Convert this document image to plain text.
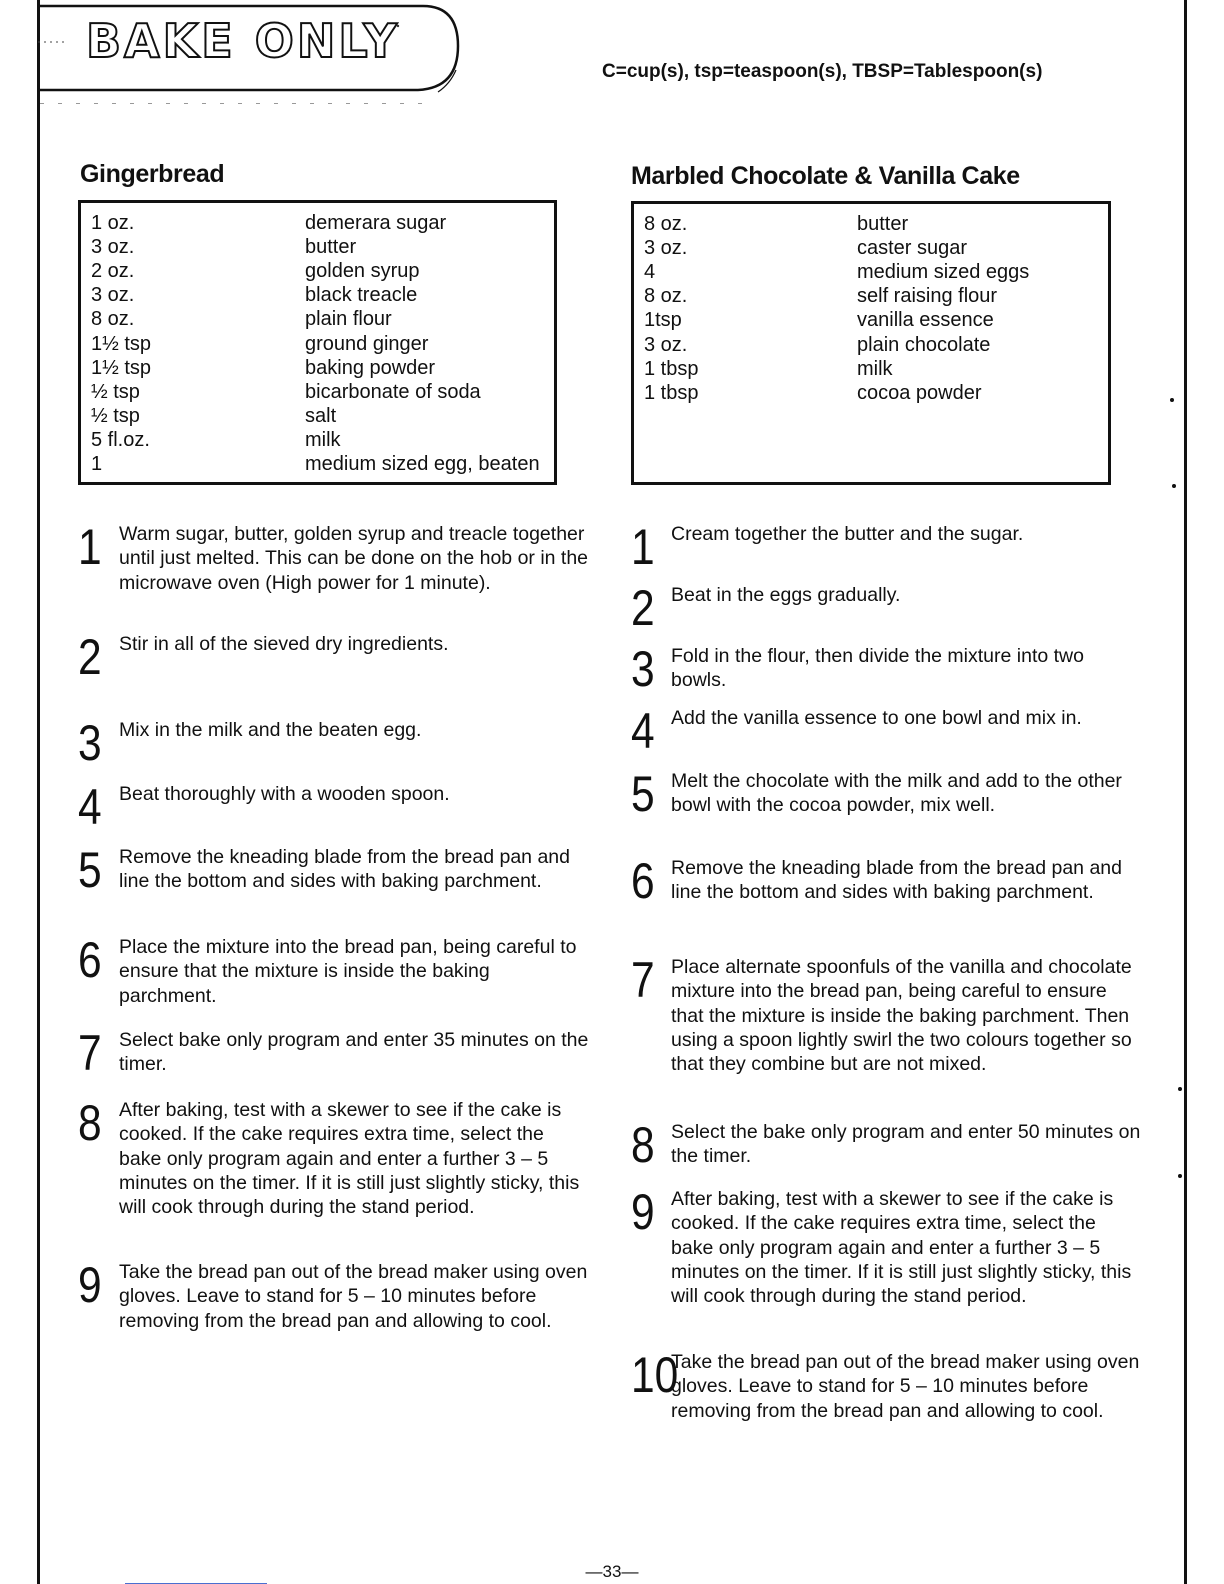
BAKE ONLY
C=cup(s), tsp=teaspoon(s), TBSP=Tablespoon(s)
Gingerbread
1 oz.	demerara sugar
3 oz.	butter
2 oz.	golden syrup
3 oz.	black treacle
8 oz.	plain flour
1½ tsp	ground ginger
1½ tsp	baking powder
½ tsp	bicarbonate of soda
½ tsp	salt
5 fl.oz.	milk
1	medium sized egg, beaten
1 Warm sugar, butter, golden syrup and treacle together until just melted. This can be done on the hob or in the microwave oven (High power for 1 minute).
2 Stir in all of the sieved dry ingredients.
3 Mix in the milk and the beaten egg.
4 Beat thoroughly with a wooden spoon.
5 Remove the kneading blade from the bread pan and line the bottom and sides with baking parchment.
6 Place the mixture into the bread pan, being careful to ensure that the mixture is inside the baking parchment.
7 Select bake only program and enter 35 minutes on the timer.
8 After baking, test with a skewer to see if the cake is cooked. If the cake requires extra time, select the bake only program again and enter a further 3 – 5 minutes on the timer. If it is still just slightly sticky, this will cook through during the stand period.
9 Take the bread pan out of the bread maker using oven gloves. Leave to stand for 5 – 10 minutes before removing from the bread pan and allowing to cool.
Marbled Chocolate & Vanilla Cake
8 oz.	butter
3 oz.	caster sugar
4	medium sized eggs
8 oz.	self raising flour
1tsp	vanilla essence
3 oz.	plain chocolate
1 tbsp	milk
1 tbsp	cocoa powder
1 Cream together the butter and the sugar.
2 Beat in the eggs gradually.
3 Fold in the flour, then divide the mixture into two bowls.
4 Add the vanilla essence to one bowl and mix in.
5 Melt the chocolate with the milk and add to the other bowl with the cocoa powder, mix well.
6 Remove the kneading blade from the bread pan and line the bottom and sides with baking parchment.
7 Place alternate spoonfuls of the vanilla and chocolate mixture into the bread pan, being careful to ensure that the mixture is inside the baking parchment. Then using a spoon lightly swirl the two colours together so that they combine but are not mixed.
8 Select the bake only program and enter 50 minutes on the timer.
9 After baking, test with a skewer to see if the cake is cooked. If the cake requires extra time, select the bake only program again and enter a further 3 – 5 minutes on the timer. If it is still just slightly sticky, this will cook through during the stand period.
10
Take the bread pan out of the bread maker using oven gloves. Leave to stand for 5 – 10 minutes before removing from the bread pan and allowing to cool.
—33—
